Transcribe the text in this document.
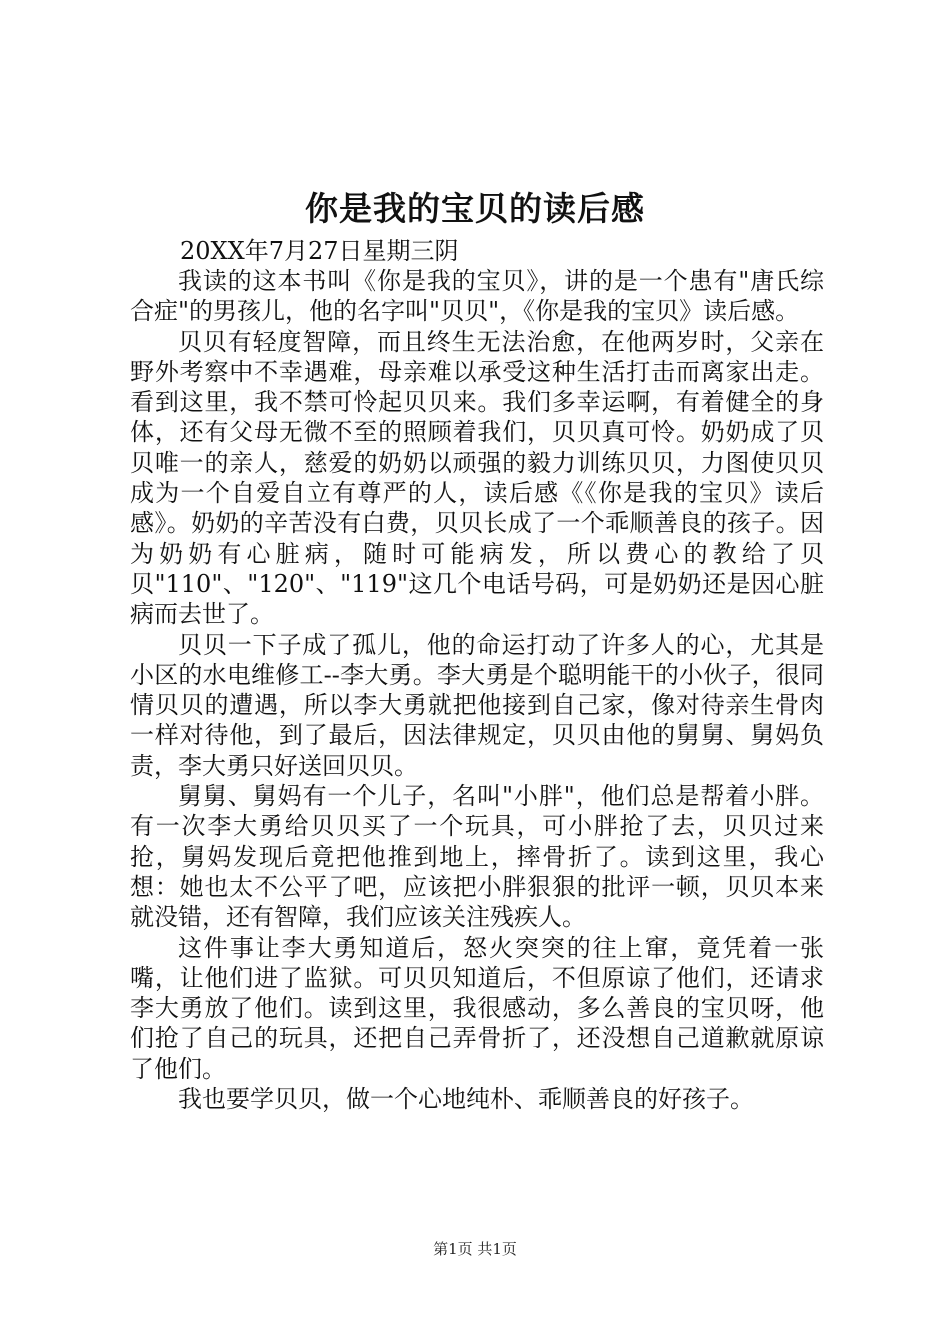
你是我的宝贝的读后感
20XX年7月27日星期三阴

我读的这本书叫《你是我的宝贝》，讲的是一个患有"唐氏综合症"的男孩儿，他的名字叫"贝贝"，《你是我的宝贝》读后感。

贝贝有轻度智障，而且终生无法治愈，在他两岁时，父亲在野外考察中不幸遇难，母亲难以承受这种生活打击而离家出走。看到这里，我不禁可怜起贝贝来。我们多幸运啊，有着健全的身体，还有父母无微不至的照顾着我们，贝贝真可怜。奶奶成了贝贝唯一的亲人，慈爱的奶奶以顽强的毅力训练贝贝，力图使贝贝成为一个自爱自立有尊严的人，读后感《《你是我的宝贝》读后感》。奶奶的辛苦没有白费，贝贝长成了一个乖顺善良的孩子。因为奶奶有心脏病，随时可能病发，所以费心的教给了贝贝"110"、"120"、"119"这几个电话号码，可是奶奶还是因心脏病而去世了。

贝贝一下子成了孤儿，他的命运打动了许多人的心，尤其是小区的水电维修工--李大勇。李大勇是个聪明能干的小伙子，很同情贝贝的遭遇，所以李大勇就把他接到自己家，像对待亲生骨肉一样对待他，到了最后，因法律规定，贝贝由他的舅舅、舅妈负责，李大勇只好送回贝贝。

舅舅、舅妈有一个儿子，名叫"小胖"，他们总是帮着小胖。有一次李大勇给贝贝买了一个玩具，可小胖抢了去，贝贝过来抢，舅妈发现后竟把他推到地上，摔骨折了。读到这里，我心想：她也太不公平了吧，应该把小胖狠狠的批评一顿，贝贝本来就没错，还有智障，我们应该关注残疾人。

这件事让李大勇知道后，怒火突突的往上窜，竟凭着一张嘴，让他们进了监狱。可贝贝知道后，不但原谅了他们，还请求李大勇放了他们。读到这里，我很感动，多么善良的宝贝呀，他们抢了自己的玩具，还把自己弄骨折了，还没想自己道歉就原谅了他们。

我也要学贝贝，做一个心地纯朴、乖顺善良的好孩子。

第1页 共1页
